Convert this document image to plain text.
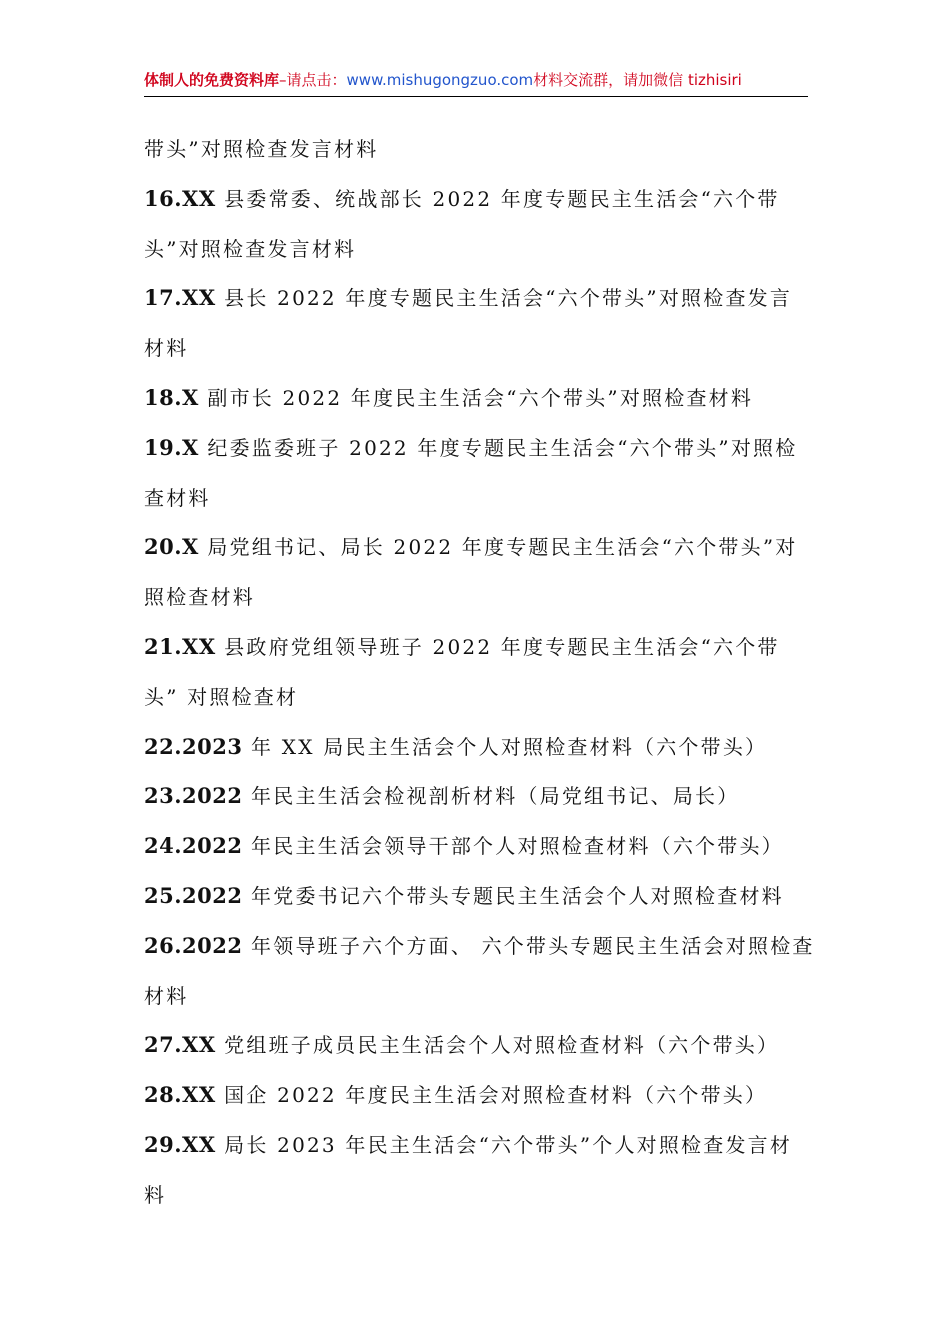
体制人的免费资料库–请点击：www.mishugongzuo.com材料交流群，请加微信 tizhisiri
带头”对照检查发言材料
16.XX 县委常委、统战部长 2022 年度专题民主生活会“六个带
头”对照检查发言材料
17.XX 县长 2022 年度专题民主生活会“六个带头”对照检查发言
材料
18.X 副市长 2022 年度民主生活会“六个带头”对照检查材料
19.X 纪委监委班子 2022 年度专题民主生活会“六个带头”对照检
查材料
20.X 局党组书记、局长 2022 年度专题民主生活会“六个带头”对
照检查材料
21.XX 县政府党组领导班子 2022 年度专题民主生活会“六个带
头” 对照检查材
22.2023 年 XX 局民主生活会个人对照检查材料（六个带头）
23.2022 年民主生活会检视剖析材料（局党组书记、局长）
24.2022 年民主生活会领导干部个人对照检查材料（六个带头）
25.2022 年党委书记六个带头专题民主生活会个人对照检查材料
26.2022 年领导班子六个方面、 六个带头专题民主生活会对照检查
材料
27.XX 党组班子成员民主生活会个人对照检查材料（六个带头）
28.XX 国企 2022 年度民主生活会对照检查材料（六个带头）
29.XX 局长 2023 年民主生活会“六个带头”个人对照检查发言材
料
